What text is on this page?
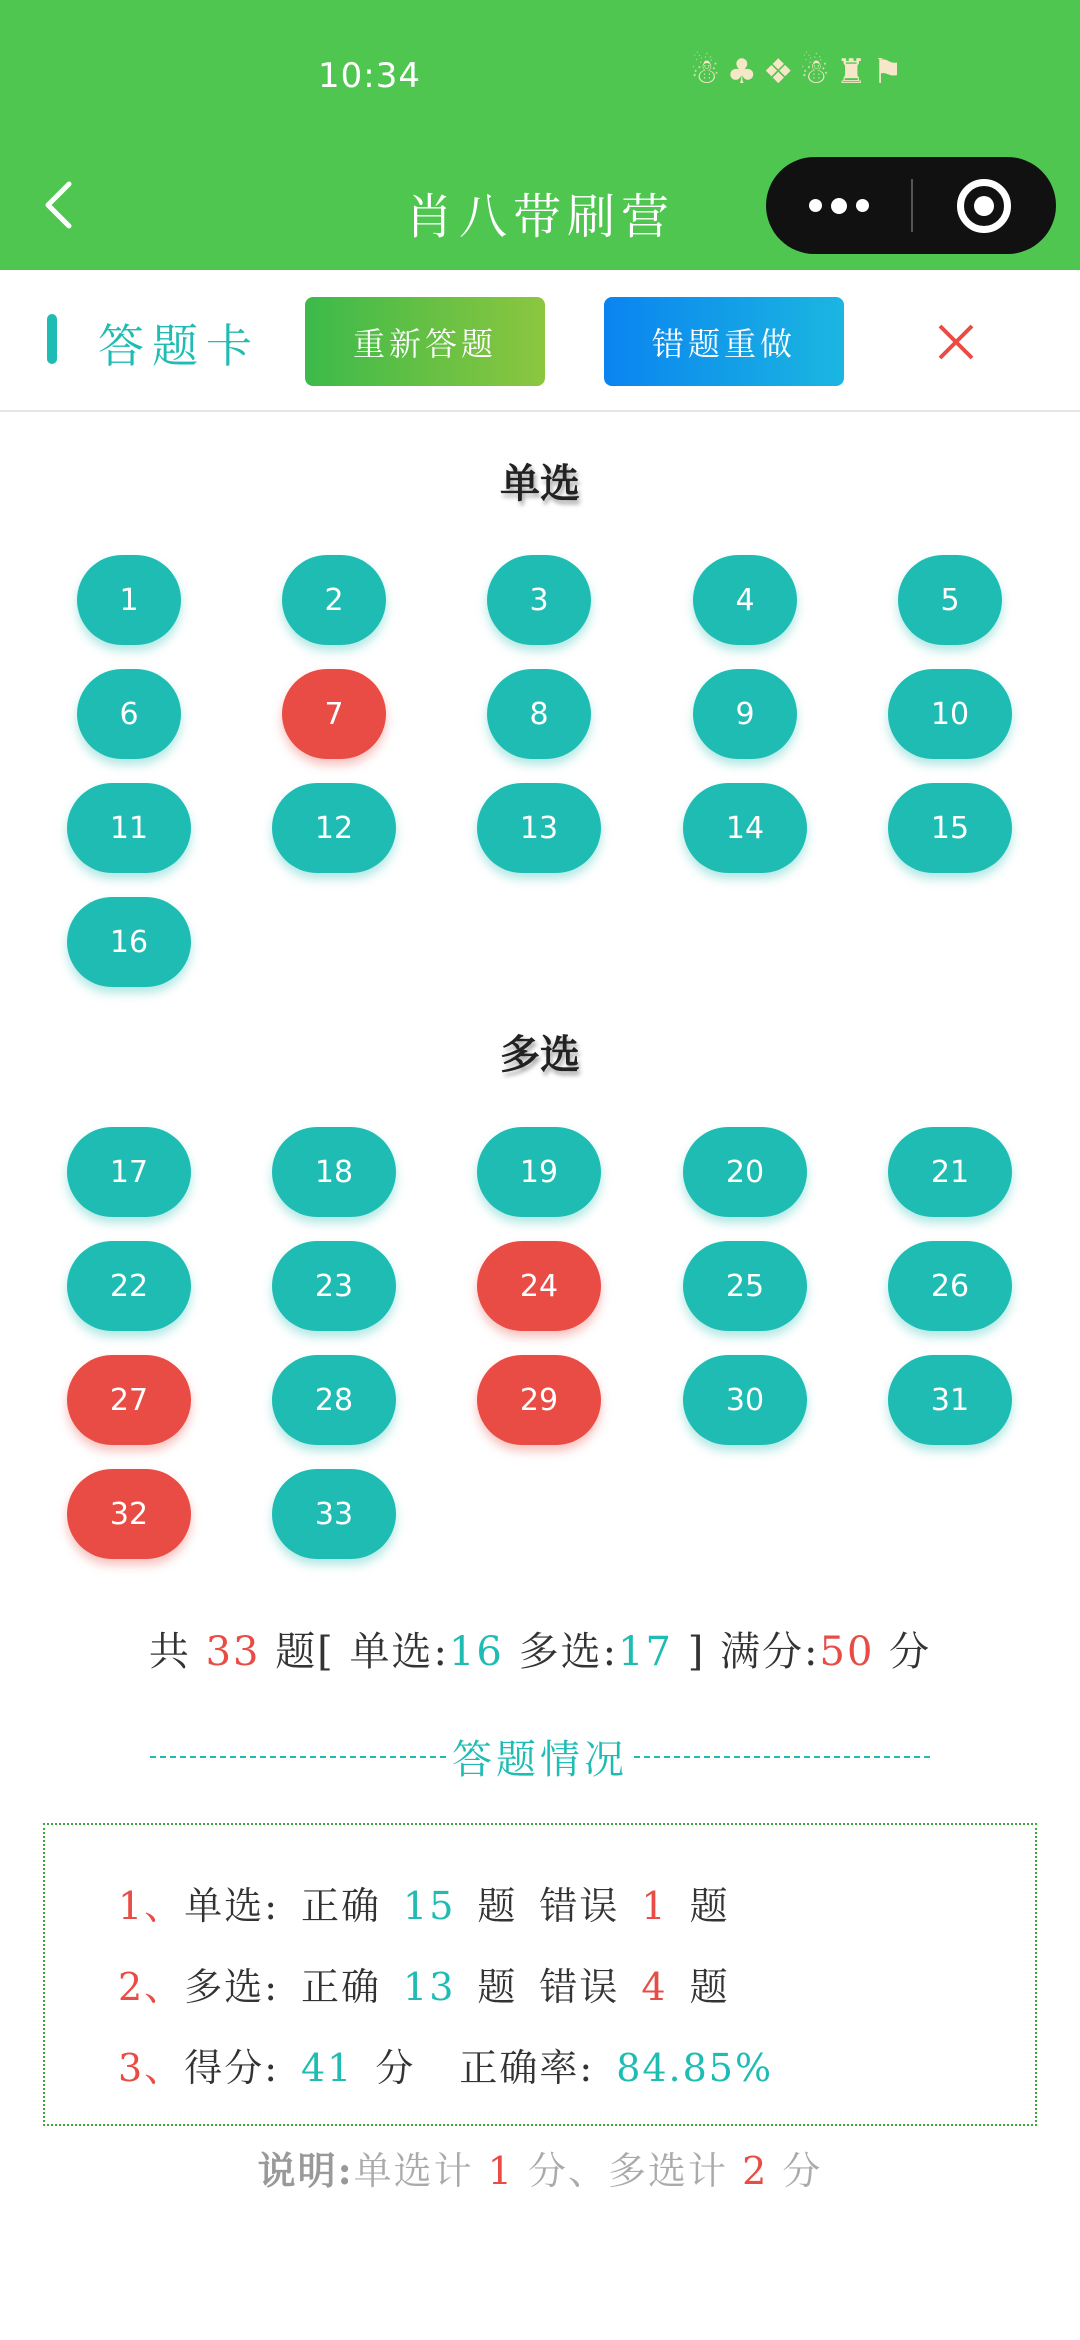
10:34	☃ ♣ ❖ ☃ ♜ ⚑
肖八带刷营
答题卡	重新答题	错题重做
单选
1	2	3	4	5
6	7	8	9	10
11	12	13	14	15
16
多选
17	18	19	20	21
22	23	24	25	26
27	28	29	30	31
32	33
共 33 题[ 单选:16 多选:17 ] 满分:50 分
答题情况
1、单选: 正确 15 题 错误 1 题
2、多选: 正确 13 题 错误 4 题
3、得分: 41 分 正确率: 84.85%
说明:单选计 1 分、多选计 2 分
